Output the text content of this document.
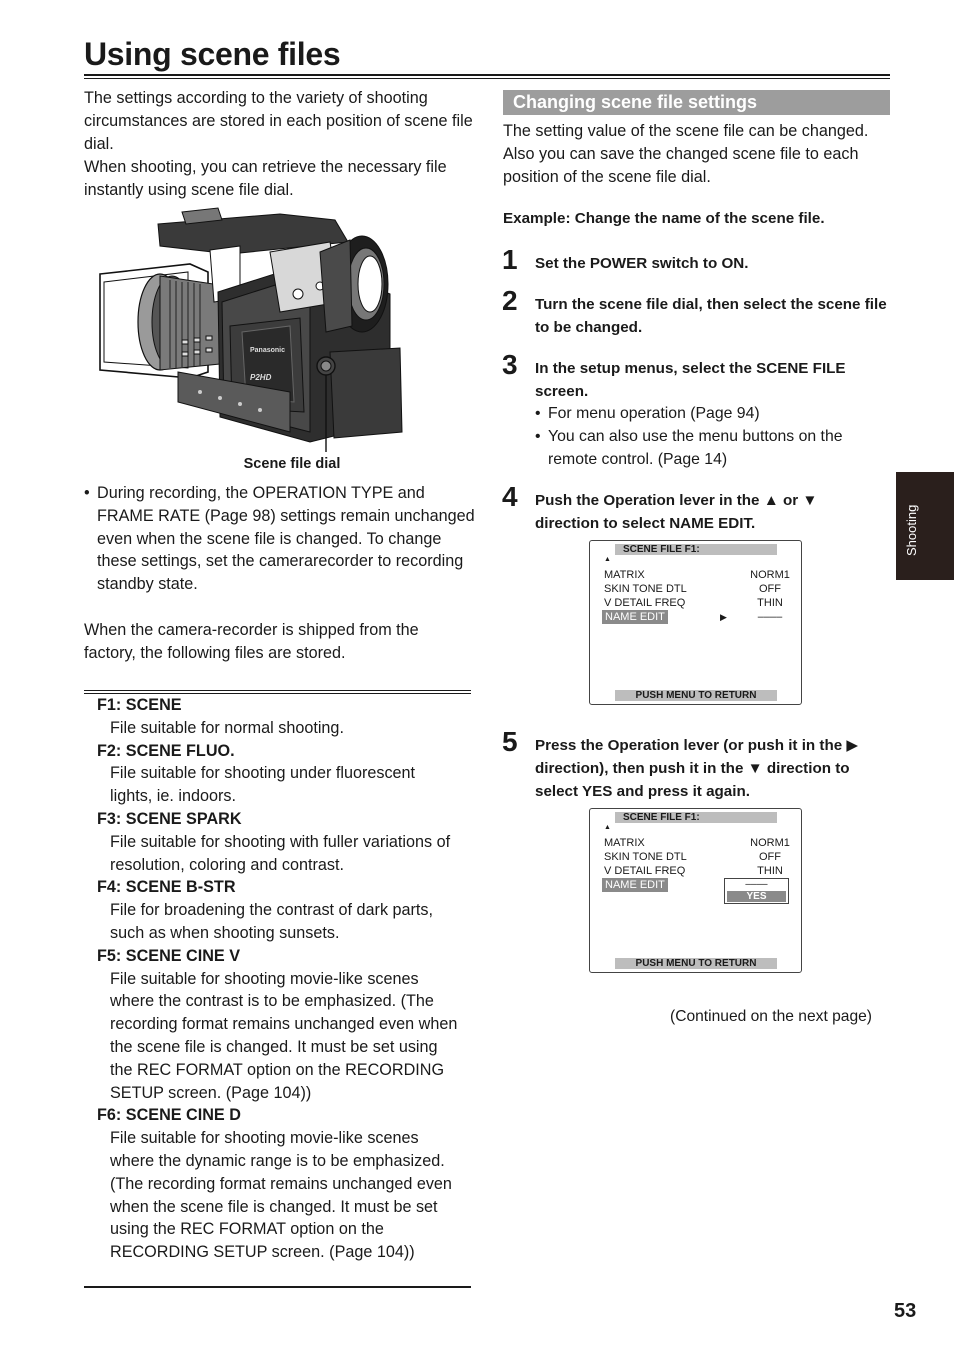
Using scene files
The settings according to the variety of shooting circumstances are stored in each position of scene file dial.
When shooting, you can retrieve the necessary file instantly using scene file dial.
Panasonic
P2HD
Scene file dial
• During recording, the OPERATION TYPE and FRAME RATE (Page 98) settings remain unchanged even when the scene file is changed. To change these settings, set the camerarecorder to recording standby state.
When the camera-recorder is shipped from the factory, the following files are stored.
F1: SCENE
File suitable for normal shooting.
F2: SCENE FLUO.
File suitable for shooting under fluorescent lights, ie. indoors.
F3: SCENE SPARK
File suitable for shooting with fuller variations of resolution, coloring and contrast.
F4: SCENE B-STR
File for broadening the contrast of dark parts, such as when shooting sunsets.
F5: SCENE CINE V
File suitable for shooting movie-like scenes where the contrast is to be emphasized. (The recording format remains unchanged even when the scene file is changed. It must be set using the REC FORMAT option on the RECORDING SETUP screen. (Page 104))
F6: SCENE CINE D
File suitable for shooting movie-like scenes where the dynamic range is to be emphasized. (The recording format remains unchanged even when the scene file is changed. It must be set using the REC FORMAT option on the RECORDING SETUP screen. (Page 104))
Changing scene file settings
The setting value of the scene file can be changed. Also you can save the changed scene file to each position of the scene file dial.
Example: Change the name of the scene file.
1 Set the POWER switch to ON.
2 Turn the scene file dial, then select the scene file to be changed.
3 In the setup menus, select the SCENE FILE screen.
• For menu operation (Page 94)
• You can also use the menu buttons on the remote control. (Page 14)
4 Push the Operation lever in the ▲ or ▼ direction to select NAME EDIT.
SCENE FILE F1:
▲
MATRIX	NORM1
SKIN TONE DTL	OFF
V DETAIL FREQ	THIN
NAME EDIT	▶	––––
PUSH MENU TO RETURN
5 Press the Operation lever (or push it in the ▶ direction), then push it in the ▼ direction to select YES and press it again.
SCENE FILE F1:
▲
MATRIX	NORM1
SKIN TONE DTL	OFF
V DETAIL FREQ	THIN
NAME EDIT	––––
YES
PUSH MENU TO RETURN
(Continued on the next page)
Shooting
53
